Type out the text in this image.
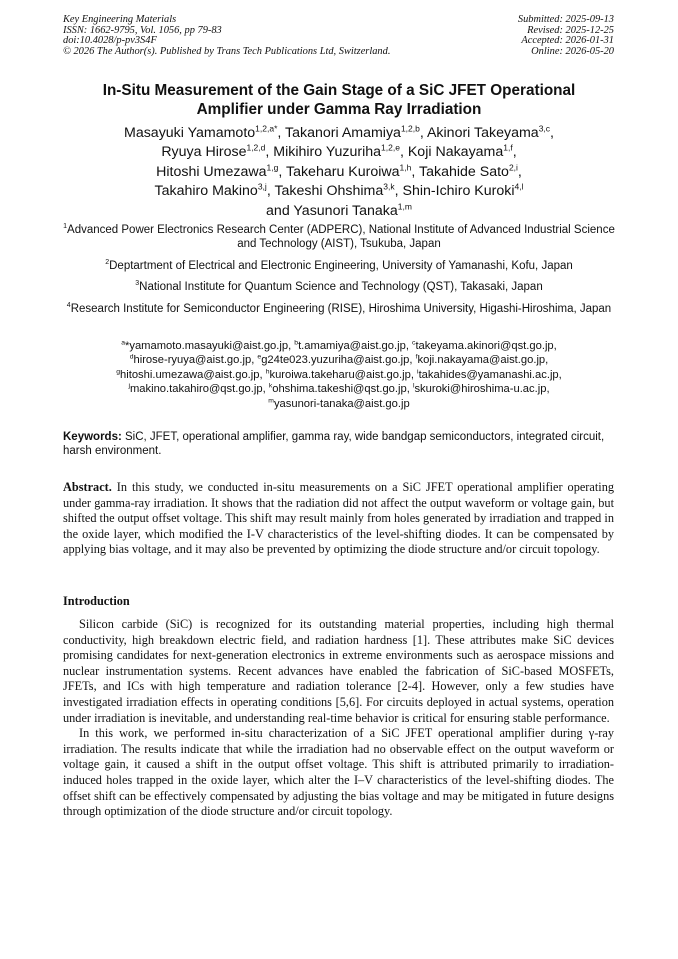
Key Engineering Materials
ISSN: 1662-9795, Vol. 1056, pp 79-83
doi:10.4028/p-pv3S4F
© 2026 The Author(s). Published by Trans Tech Publications Ltd, Switzerland.
Submitted: 2025-09-13
Revised: 2025-12-25
Accepted: 2026-01-31
Online: 2026-05-20
In-Situ Measurement of the Gain Stage of a SiC JFET Operational
Amplifier under Gamma Ray Irradiation
Masayuki Yamamoto$^{1,2,a*}$, Takanori Amamiya$^{1,2,b}$, Akinori Takeyama$^{3,c}$,
Ryuya Hirose$^{1,2,d}$, Mikihiro Yuzuriha$^{1,2,e}$, Koji Nakayama$^{1,f}$,
Hitoshi Umezawa$^{1,g}$, Takeharu Kuroiwa$^{1,h}$, Takahide Sato$^{2,i}$,
Takahiro Makino$^{3,j}$, Takeshi Ohshima$^{3,k}$, Shin-Ichiro Kuroki$^{4,l}$
and Yasunori Tanaka$^{1,m}$
$^1$Advanced Power Electronics Research Center (ADPERC), National Institute of Advanced Industrial Science and Technology (AIST), Tsukuba, Japan
$^2$Deptartment of Electrical and Electronic Engineering, University of Yamanashi, Kofu, Japan
$^3$National Institute for Quantum Science and Technology (QST), Takasaki, Japan
$^4$Research Institute for Semiconductor Engineering (RISE), Hiroshima University, Higashi-Hiroshima, Japan
$^a$*yamamoto.masayuki@aist.go.jp, $^b$t.amamiya@aist.go.jp, $^c$takeyama.akinori@qst.go.jp,
$^d$hirose-ryuya@aist.go.jp, $^e$g24te023.yuzuriha@aist.go.jp, $^f$koji.nakayama@aist.go.jp,
$^g$hitoshi.umezawa@aist.go.jp, $^h$kuroiwa.takeharu@aist.go.jp, $^i$takahides@yamanashi.ac.jp,
$^j$makino.takahiro@qst.go.jp, $^k$ohshima.takeshi@qst.go.jp, $^l$skuroki@hiroshima-u.ac.jp,
$^m$yasunori-tanaka@aist.go.jp
Keywords: SiC, JFET, operational amplifier, gamma ray, wide bandgap semiconductors, integrated circuit, harsh environment.

Abstract. In this study, we conducted in-situ measurements on a SiC JFET operational amplifier operating under gamma-ray irradiation. It shows that the radiation did not affect the output waveform or voltage gain, but shifted the output offset voltage. This shift may result mainly from holes generated by irradiation and trapped in the oxide layer, which modified the I-V characteristics of the level-shifting diodes. It can be compensated by applying bias voltage, and it may also be prevented by optimizing the diode structure and/or circuit topology.

Introduction

Silicon carbide (SiC) is recognized for its outstanding material properties, including high thermal conductivity, high breakdown electric field, and radiation hardness [1]. These attributes make SiC devices promising candidates for next-generation electronics in extreme environments such as aerospace missions and nuclear instrumentation systems. Recent advances have enabled the fabrication of SiC-based MOSFETs, JFETs, and ICs with high temperature and radiation tolerance [2-4]. However, only a few studies have investigated irradiation effects in operating conditions [5,6]. For circuits deployed in actual systems, operation under irradiation is inevitable, and understanding real-time behavior is critical for ensuring stable performance.

In this work, we performed in-situ characterization of a SiC JFET operational amplifier during γ-ray irradiation. The results indicate that while the irradiation had no observable effect on the output waveform or voltage gain, it caused a shift in the output offset voltage. This shift is attributed primarily to irradiation-induced holes trapped in the oxide layer, which alter the I–V characteristics of the level-shifting diodes. The offset shift can be effectively compensated by adjusting the bias voltage and may be mitigated in future designs through optimization of the diode structure and/or circuit topology.
